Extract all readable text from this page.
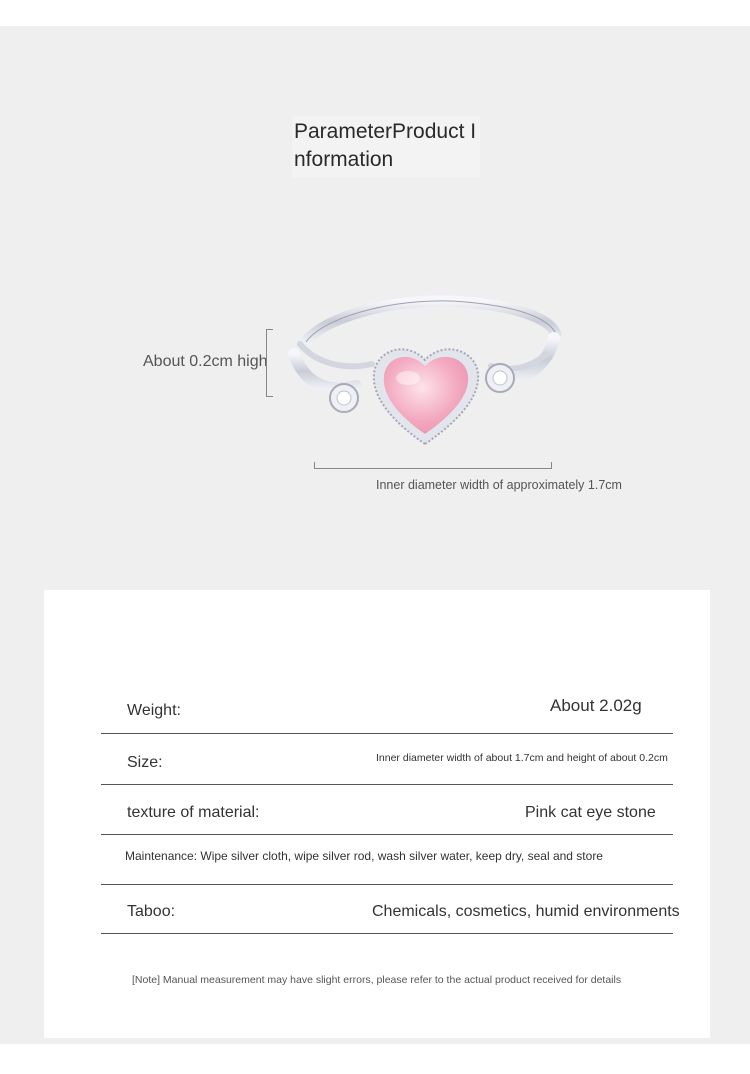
ParameterProduct Information
About 0.2cm high
Inner diameter width of approximately 1.7cm
Weight:	About 2.02g
Size:	Inner diameter width of about 1.7cm and height of about 0.2cm
texture of material:	Pink cat eye stone
Maintenance: Wipe silver cloth, wipe silver rod, wash silver water, keep dry, seal and store
Taboo:	Chemicals, cosmetics, humid environments
[Note] Manual measurement may have slight errors, please refer to the actual product received for details
